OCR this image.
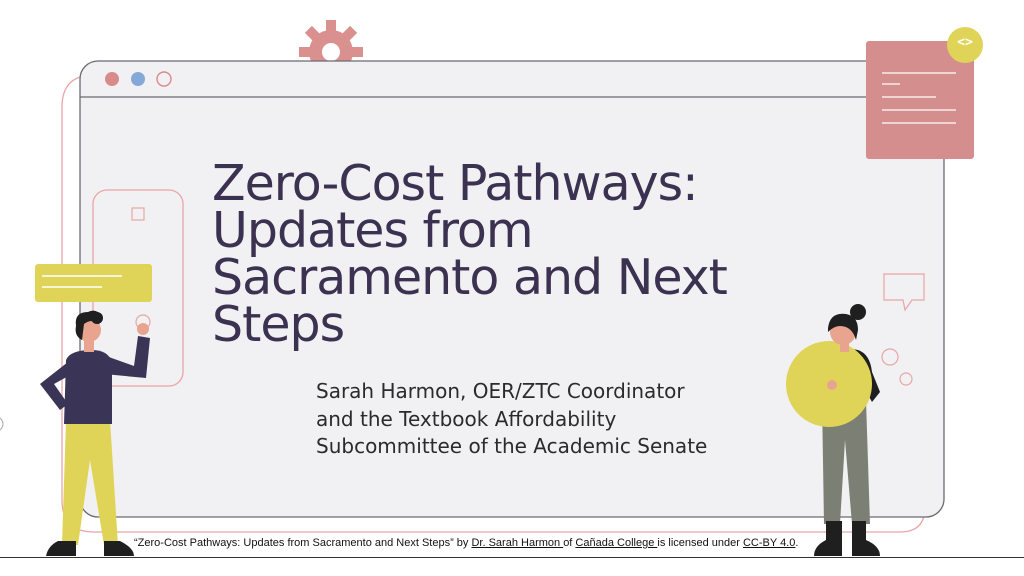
<>
Zero-Cost Pathways:
Updates from
Sacramento and Next
Steps
Sarah Harmon, OER/ZTC Coordinator
and the Textbook Affordability
Subcommittee of the Academic Senate
“Zero-Cost Pathways: Updates from Sacramento and Next Steps” by Dr. Sarah Harmon of Cañada College is licensed under CC-BY 4.0.
